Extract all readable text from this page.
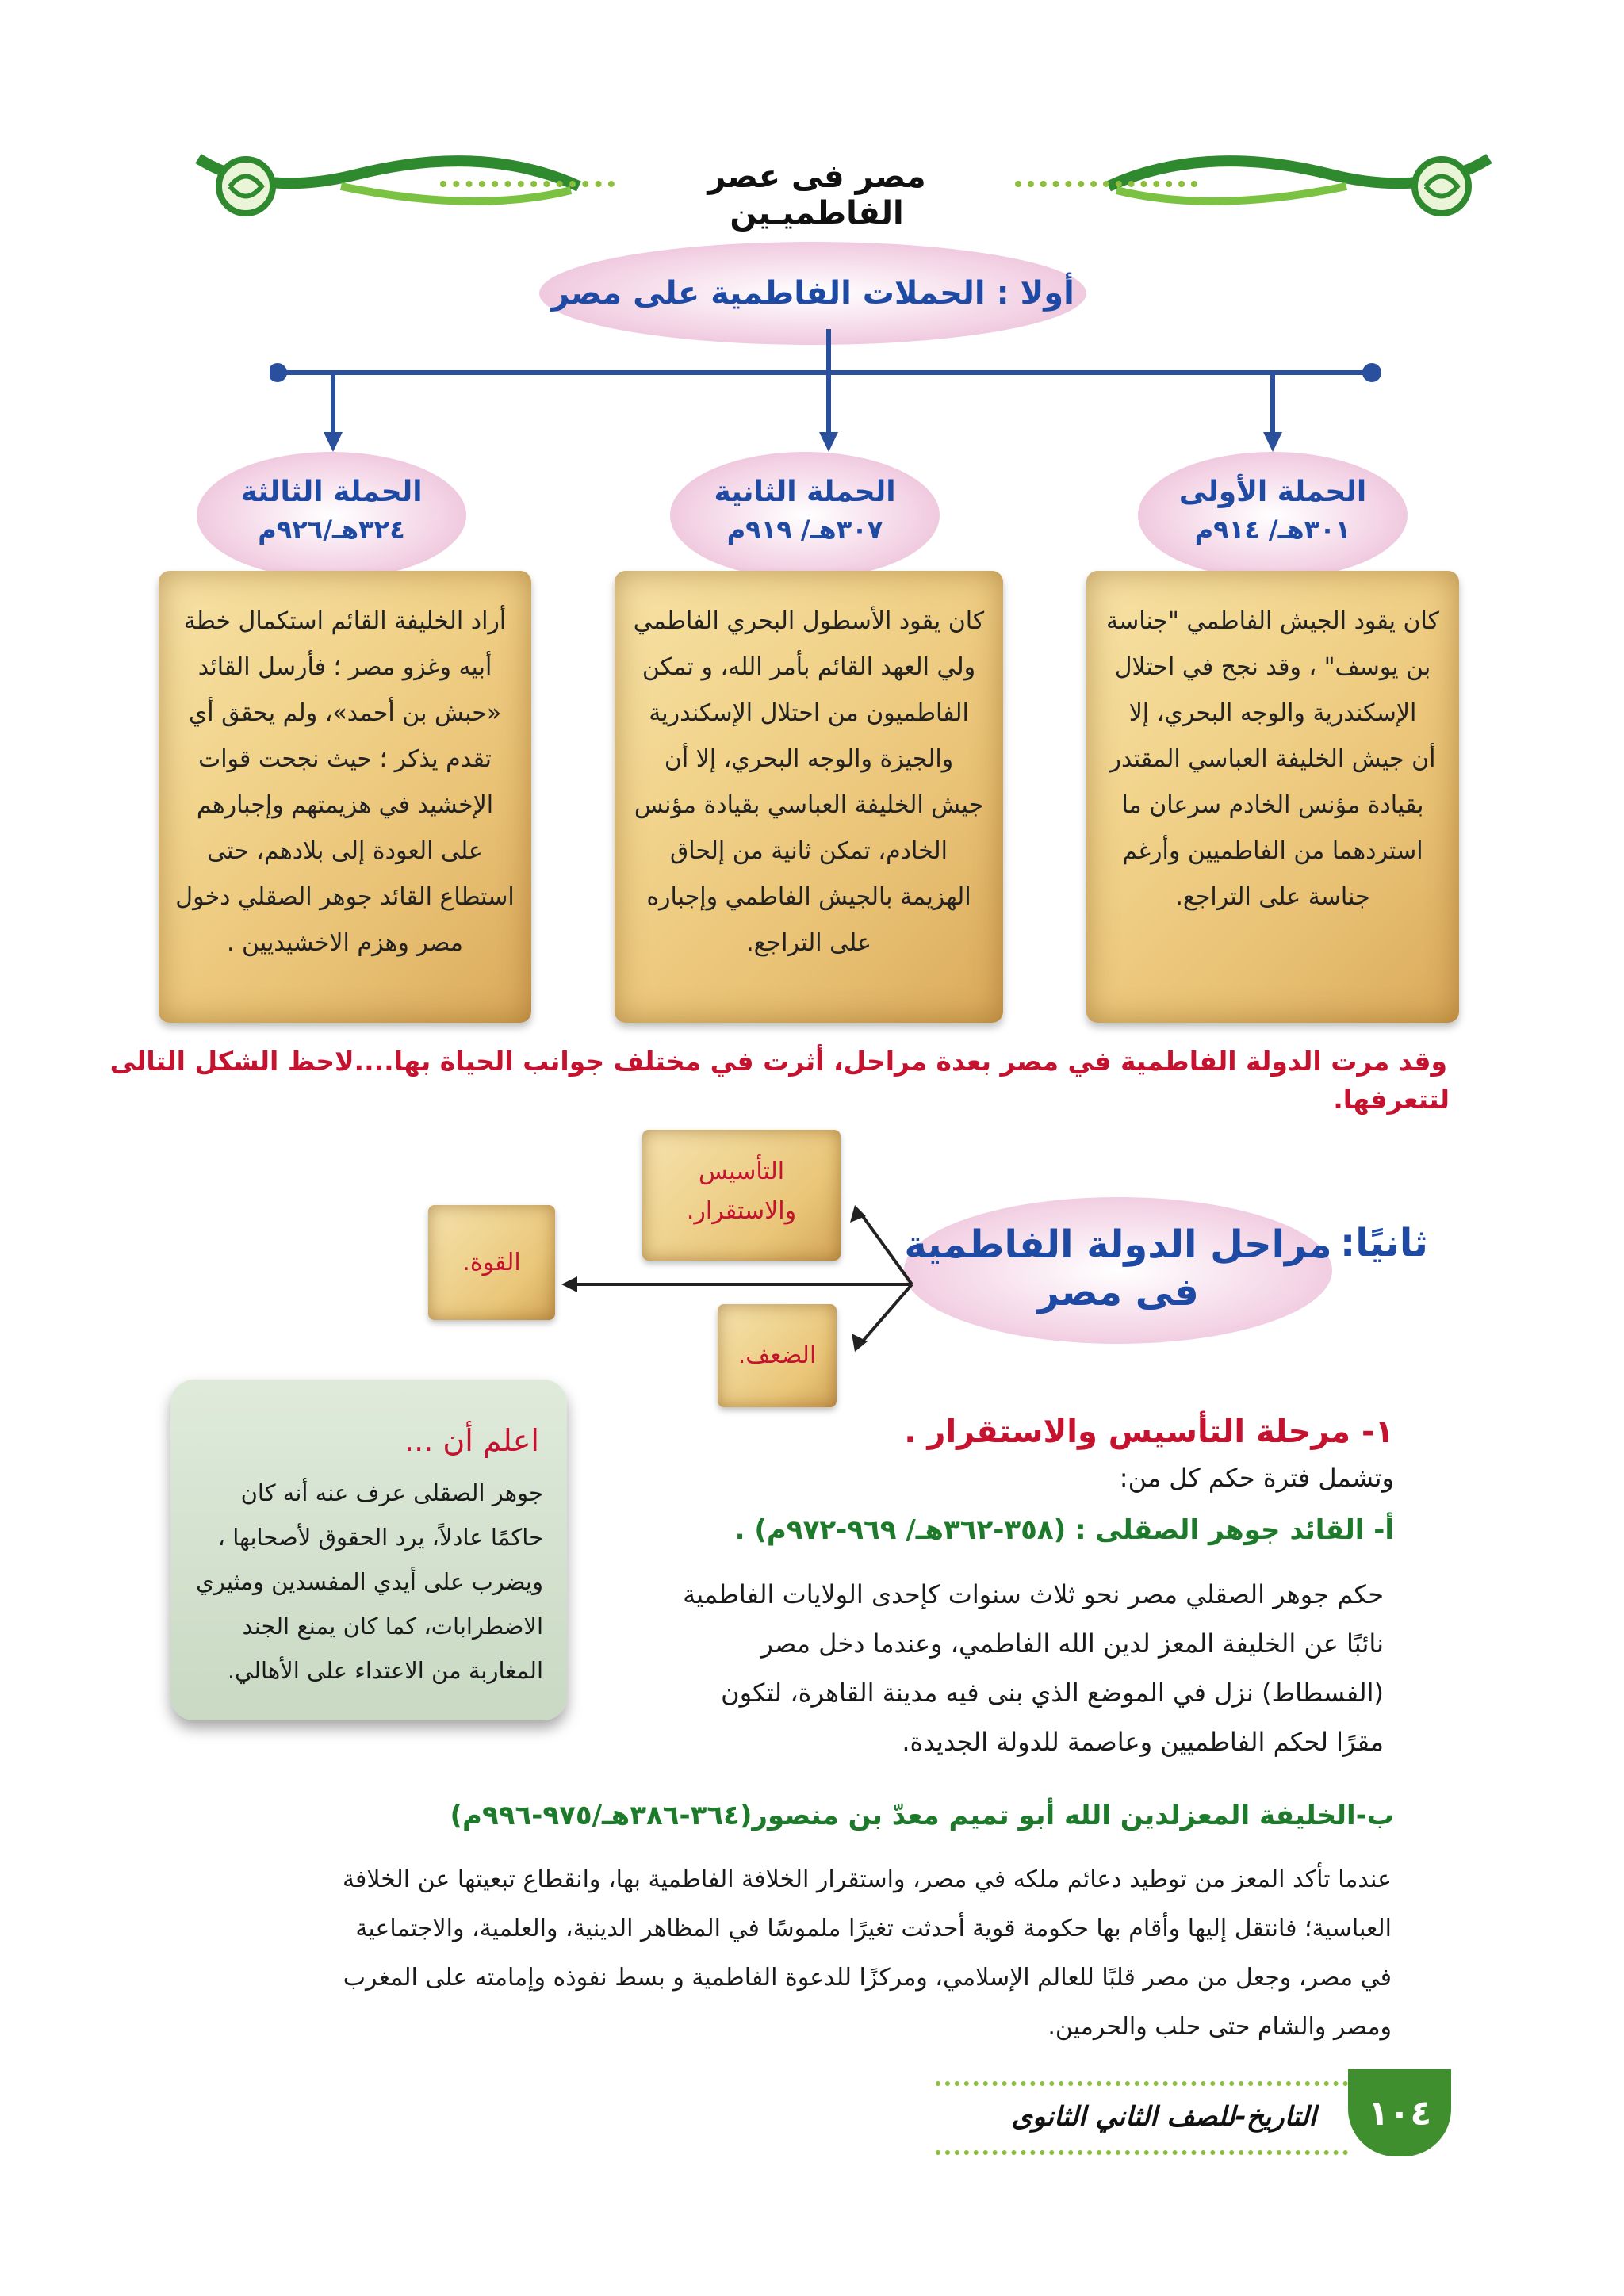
مصر فى عصر الفاطميـين
أولا : الحملات الفاطمية على مصر
الحملة الأولى
٣٠١هـ/ ٩١٤م
كان يقود الجيش الفاطمي "جناسة
بن يوسف" ، وقد نجح في احتلال
الإسكندرية والوجه البحري، إلا
أن جيش الخليفة العباسي المقتدر
بقيادة مؤنس الخادم سرعان ما
استردهما من الفاطميين وأرغم
جناسة على التراجع.
الحملة الثانية
٣٠٧هـ/ ٩١٩م
كان يقود الأسطول البحري الفاطمي
ولي العهد القائم بأمر الله، و تمكن
الفاطميون من احتلال الإسكندرية
والجيزة والوجه البحري، إلا أن
جيش الخليفة العباسي بقيادة مؤنس
الخادم، تمكن ثانية من إلحاق
الهزيمة بالجيش الفاطمي وإجباره
على التراجع.
الحملة الثالثة
٣٢٤هـ/٩٢٦م
أراد الخليفة القائم استكمال خطة
أبيه وغزو مصر ؛ فأرسل القائد
«حبش بن أحمد»، ولم يحقق أي
تقدم يذكر ؛ حيث نجحت قوات
الإخشيد في هزيمتهم وإجبارهم
على العودة إلى بلادهم، حتى
استطاع القائد جوهر الصقلي دخول
مصر وهزم الاخشيديين .
وقد مرت الدولة الفاطمية في مصر بعدة مراحل، أثرت في مختلف جوانب الحياة بها....لاحظ الشكل التالى
لتتعرفها.
مراحل الدولة الفاطمية
فى مصر
ثانيًا:
التأسيس
والاستقرار.
القوة.
الضعف.
اعلم أن ...
جوهر الصقلى عرف عنه أنه كان
حاكمًا عادلاً، يرد الحقوق لأصحابها ،
ويضرب على أيدي المفسدين ومثيري
الاضطرابات، كما كان يمنع الجند
المغاربة من الاعتداء على الأهالي.
١- مرحلة التأسيس والاستقرار .
وتشمل فترة حكم كل من:
أ- القائد جوهر الصقلى : (٣٥٨-٣٦٢هـ/ ٩٦٩-٩٧٢م) .
حكم جوهر الصقلي مصر نحو ثلاث سنوات كإحدى الولايات الفاطمية
نائبًا عن الخليفة المعز لدين الله الفاطمي، وعندما دخل مصر
(الفسطاط) نزل في الموضع الذي بنى فيه مدينة القاهرة، لتكون
مقرًا لحكم الفاطميين وعاصمة للدولة الجديدة.
ب-الخليفة المعزلدين الله أبو تميم معدّ بن منصور(٣٦٤-٣٨٦هـ/٩٧٥-٩٩٦م)
عندما تأكد المعز من توطيد دعائم ملكه في مصر، واستقرار الخلافة الفاطمية بها، وانقطاع تبعيتها عن الخلافة
العباسية؛ فانتقل إليها وأقام بها حكومة قوية أحدثت تغيرًا ملموسًا في المظاهر الدينية، والعلمية، والاجتماعية
في مصر، وجعل من مصر قلبًا للعالم الإسلامي، ومركزًا للدعوة الفاطمية و بسط نفوذه وإمامته على المغرب
ومصر والشام حتى حلب والحرمين.
التاريخ-للصف الثاني الثانوى	١٠٤
